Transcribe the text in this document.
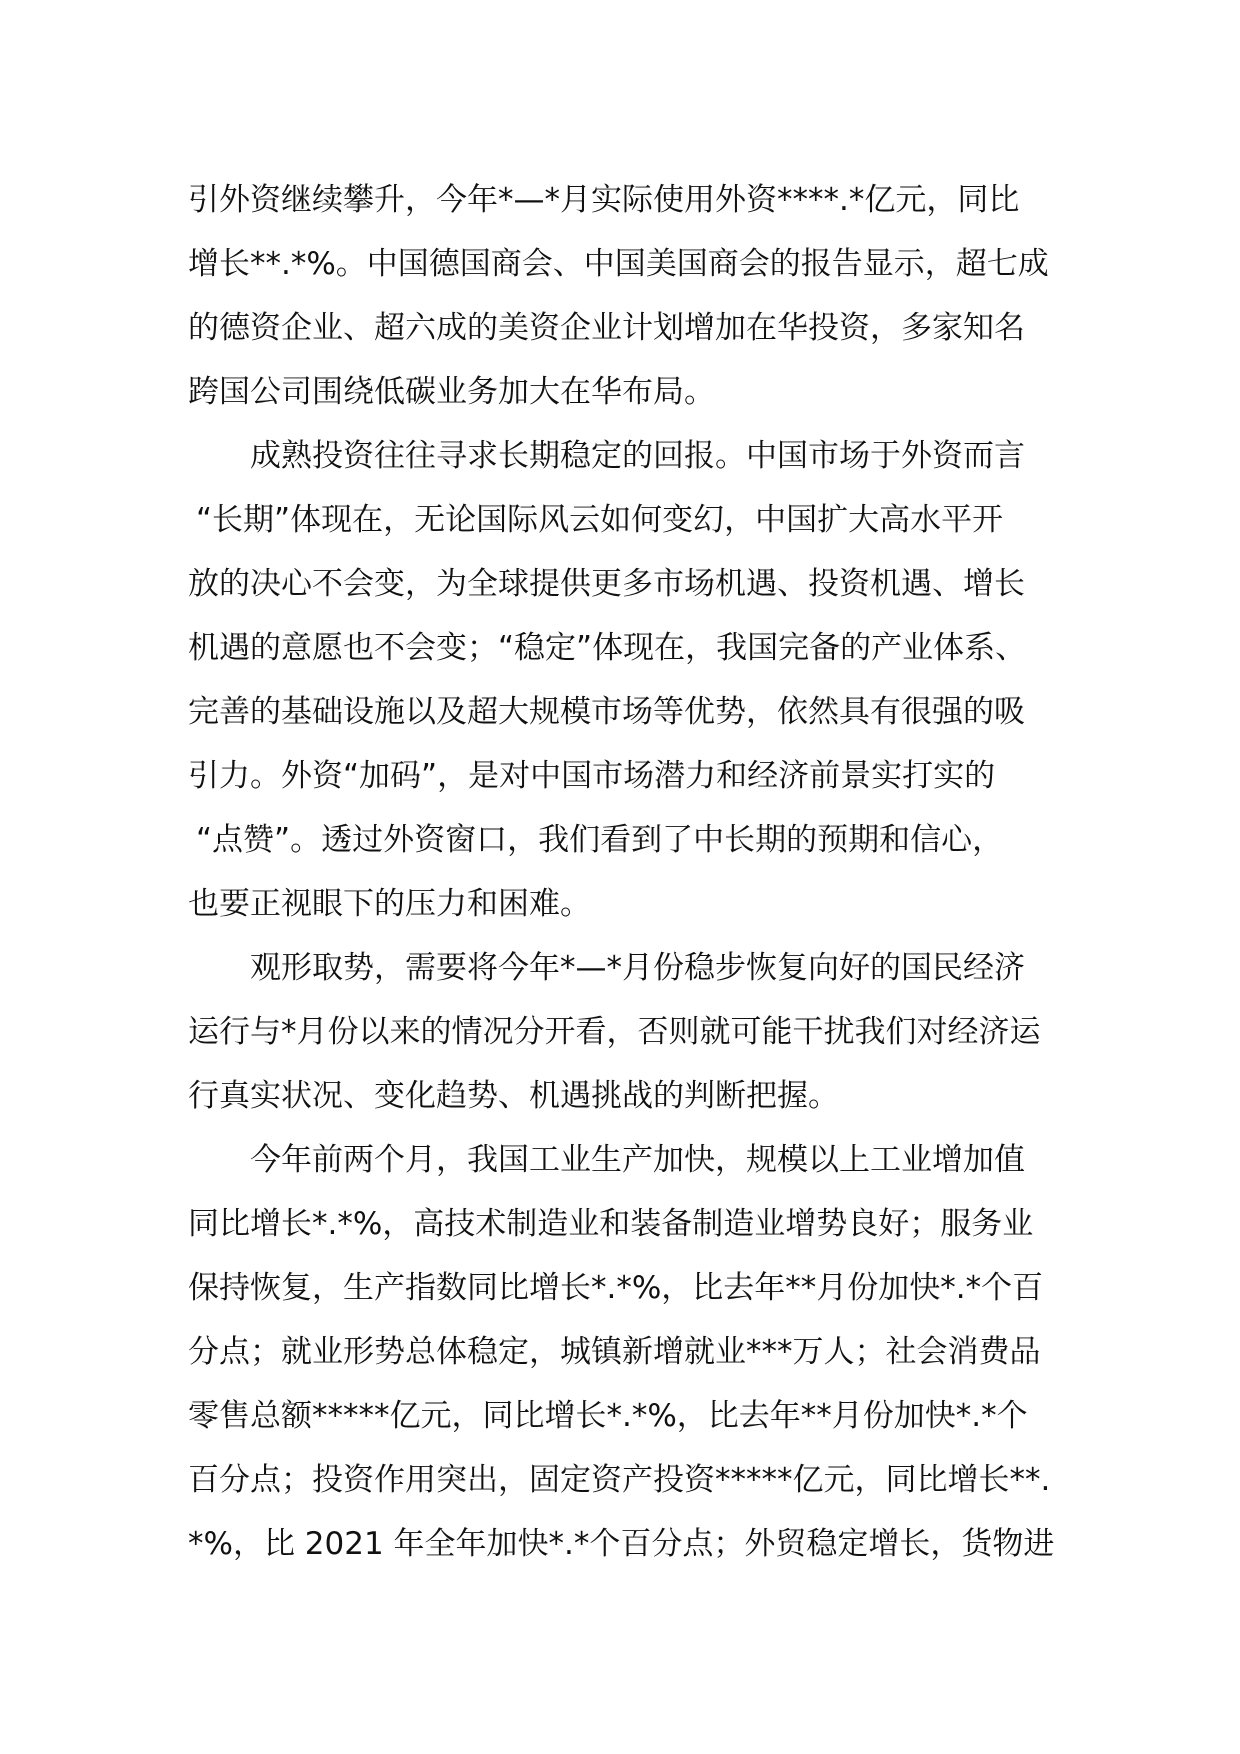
引外资继续攀升，今年*—*月实际使用外资****.*亿元，同比
增长**.*%。中国德国商会、中国美国商会的报告显示，超七成
的德资企业、超六成的美资企业计划增加在华投资，多家知名
跨国公司围绕低碳业务加大在华布局。
成熟投资往往寻求长期稳定的回报。中国市场于外资而言
“长期”体现在，无论国际风云如何变幻，中国扩大高水平开
放的决心不会变，为全球提供更多市场机遇、投资机遇、增长
机遇的意愿也不会变；“稳定”体现在，我国完备的产业体系、
完善的基础设施以及超大规模市场等优势，依然具有很强的吸
引力。外资“加码”，是对中国市场潜力和经济前景实打实的
“点赞”。透过外资窗口，我们看到了中长期的预期和信心，
也要正视眼下的压力和困难。
观形取势，需要将今年*—*月份稳步恢复向好的国民经济
运行与*月份以来的情况分开看，否则就可能干扰我们对经济运
行真实状况、变化趋势、机遇挑战的判断把握。
今年前两个月，我国工业生产加快，规模以上工业增加值
同比增长*.*%，高技术制造业和装备制造业增势良好；服务业
保持恢复，生产指数同比增长*.*%，比去年**月份加快*.*个百
分点；就业形势总体稳定，城镇新增就业***万人；社会消费品
零售总额*****亿元，同比增长*.*%，比去年**月份加快*.*个
百分点；投资作用突出，固定资产投资*****亿元，同比增长**.
*%，比 2021 年全年加快*.*个百分点；外贸稳定增长，货物进
